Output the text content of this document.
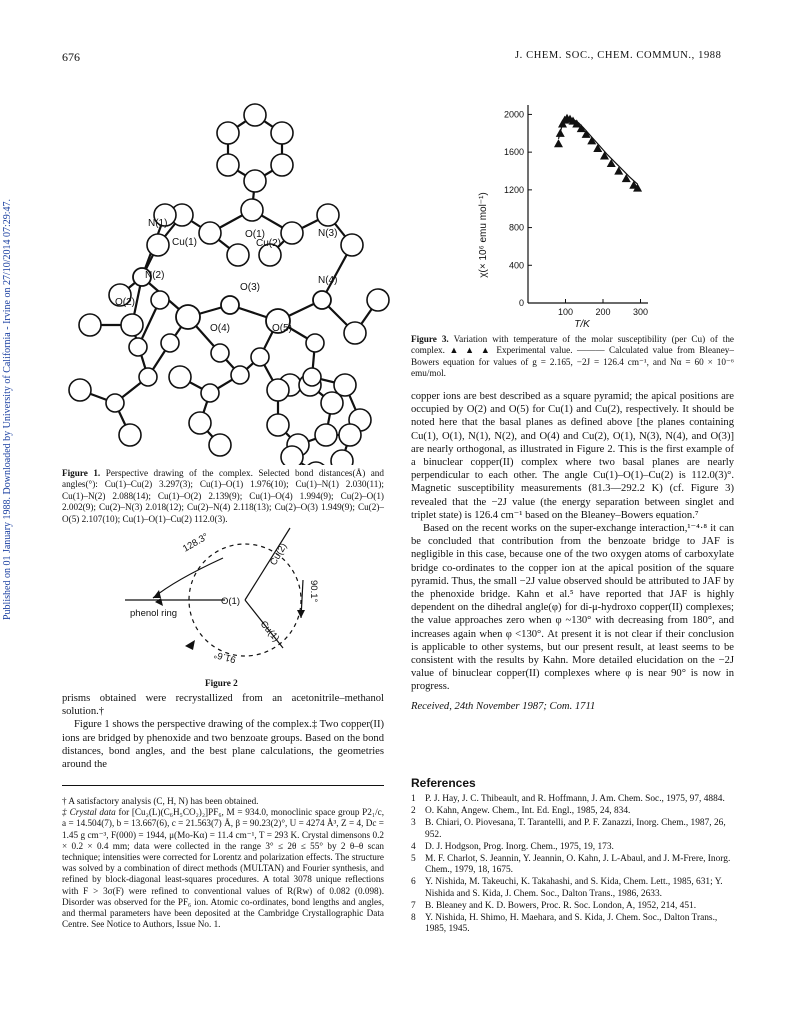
676	J. CHEM. SOC., CHEM. COMMUN., 1988
Published on 01 January 1988. Downloaded by University of California - Irvine on 27/10/2014 07:29:47.	N(1)
Cu(1)
O(1)
Cu(2)
N(3)
N(2)	N(4)
O(3)
O(2)
O(4)	O(5)
Figure 1. Perspective drawing of the complex. Selected bond distances(Å) and angles(°): Cu(1)–Cu(2) 3.297(3); Cu(1)–O(1) 1.976(10); Cu(1)–N(1) 2.030(11); Cu(1)–N(2) 2.088(14); Cu(1)–O(2) 2.139(9); Cu(1)–O(4) 1.994(9); Cu(2)–O(1) 2.002(9); Cu(2)–N(3) 2.018(12); Cu(2)–N(4) 2.118(13); Cu(2)–O(3) 1.949(9); Cu(2)–O(5) 2.107(10); Cu(1)–O(1)–Cu(2) 112.0(3).
128.3°	Cu(2)
90.1°
O(1)
phenol ring
Cu(1)
91.6°
Figure 2

prisms obtained were recrystallized from an acetonitrile–methanol solution.†

Figure 1 shows the perspective drawing of the complex.‡ Two copper(II) ions are bridged by phenoxide and two benzoate groups. Based on the bond distances, bond angles, and the best plane calculations, the geometries around the

† A satisfactory analysis (C, H, N) has been obtained.

‡ Crystal data for [Cu₂(L)(C₆H₅CO₂)₂]PF₆, M = 934.0, monoclinic space group P2₁/c, a = 14.504(7), b = 13.667(6), c = 21.563(7) Å, β = 90.23(2)°, U = 4274 Å³, Z = 4, Dc = 1.45 g cm⁻³, F(000) = 1944, μ(Mo-Kα) = 11.4 cm⁻¹, T = 293 K. Crystal dimensons 0.2 × 0.2 × 0.4 mm; data were collected in the range 3° ≤ 2θ ≤ 55° by 2 θ–θ scan technique; intensities were corrected for Lorentz and polarization effects. The structure was solved by a combination of direct methods (MULTAN) and Fourier synthesis, and refined by block-diagonal least-squares procedures. A total 3078 unique reflections with F > 3σ(F) were refined to conventional values of R(Rw) of 0.082 (0.098). Disorder was observed for the PF₆ ion. Atomic co-ordinates, bond lengths and angles, and thermal parameters have been deposited at the Cambridge Crystallographic Data Centre. See Notice to Authors, Issue No. 1.

0
400
800
1200
1600
2000
100 200 300
χ(× 10⁶ emu mol⁻¹)
T/K
Figure 3. Variation with temperature of the molar susceptibility (per Cu) of the complex. ▲ ▲ ▲ Experimental value. ——— Calculated value from Bleaney–Bowers equation for values of g = 2.165, −2J = 126.4 cm⁻¹, and Nα = 60 × 10⁻⁶ emu/mol.

copper ions are best described as a square pyramid; the apical positions are occupied by O(2) and O(5) for Cu(1) and Cu(2), respectively. It should be noted here that the basal planes as defined above [the planes containing Cu(1), O(1), N(1), N(2), and O(4) and Cu(2), O(1), N(3), N(4), and O(3)] are nearly orthogonal, as illustrated in Figure 2. This is the first example of a binuclear copper(II) complex where two basal planes are nearly perpendicular to each other. The angle Cu(1)–O(1)–Cu(2) is 112.0(3)°. Magnetic susceptibility measurements (81.3—292.2 K) (cf. Figure 3) revealed that the −2J value (the energy separation between singlet and triplet state) is 126.4 cm⁻¹ based on the Bleaney–Bowers equation.⁷

Based on the recent works on the super-exchange interaction,¹⁻⁴·⁸ it can be concluded that contribution from the benzoate bridge to JAF is negligible in this case, because one of the two oxygen atoms of carboxylate bridge co-ordinates to the copper ion at the apical position of the square pyramid. Thus, the small −2J value observed should be attributed to JAF by the phenoxide bridge. Kahn et al.⁵ have reported that JAF is highly dependent on the dihedral angle(φ) for di-μ-hydroxo copper(II) complexes; the value approaches zero when φ ~130° with decreasing from 180°, and increases again when φ <130°. At present it is not clear if their conclusion is applicable to other systems, but our present result, at least seems to be consistent with the results by Kahn. More detailed elucidation on the −2J value of binuclear copper(II) complexes where φ is near 90° is now in progress.

Received, 24th November 1987; Com. 1711

References
1 P. J. Hay, J. C. Thibeault, and R. Hoffmann, J. Am. Chem. Soc., 1975, 97, 4884.
2 O. Kahn, Angew. Chem., Int. Ed. Engl., 1985, 24, 834.
3 B. Chiari, O. Piovesana, T. Tarantelli, and P. F. Zanazzi, Inorg. Chem., 1987, 26, 952.
4 D. J. Hodgson, Prog. Inorg. Chem., 1975, 19, 173.
5 M. F. Charlot, S. Jeannin, Y. Jeannin, O. Kahn, J. L-Abaul, and J. M-Frere, Inorg. Chem., 1979, 18, 1675.
6 Y. Nishida, M. Takeuchi, K. Takahashi, and S. Kida, Chem. Lett., 1985, 631; Y. Nishida and S. Kida, J. Chem. Soc., Dalton Trans., 1986, 2633.
7 B. Bleaney and K. D. Bowers, Proc. R. Soc. London, A, 1952, 214, 451.
8 Y. Nishida, H. Shimo, H. Maehara, and S. Kida, J. Chem. Soc., Dalton Trans., 1985, 1945.
